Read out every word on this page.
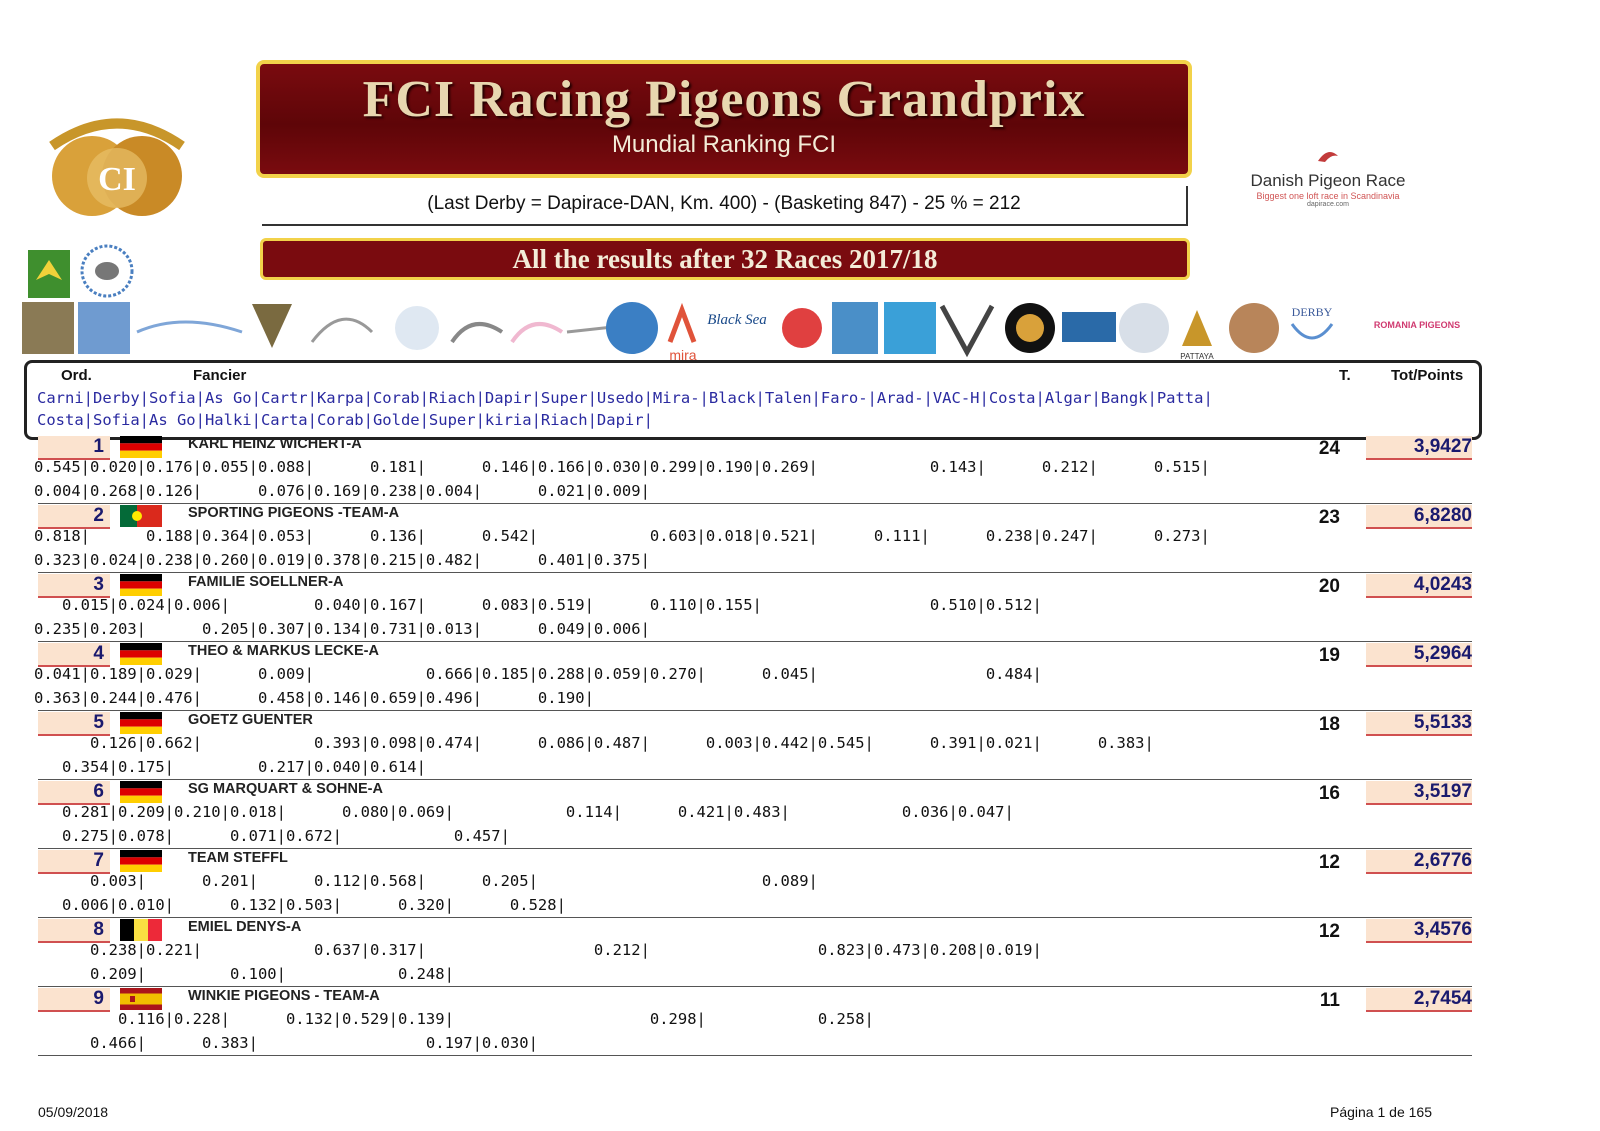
CI
FCI Racing Pigeons Grandprix
Mundial Ranking FCI
(Last Derby = Dapirace-DAN, Km. 400) - (Basketing 847) - 25 % = 212
All the results after 32 Races 2017/18
Danish Pigeon Race
Biggest one loft race in Scandinavia
dapirace.com
mira
Black Sea
PATTAYA
DERBY
ROMANIA PIGEONS
Ord.	Fancier	T.	Tot/Points
Carni|Derby|Sofia|As Go|Cartr|Karpa|Corab|Riach|Dapir|Super|Usedo|Mira-|Black|Talen|Faro-|Arad-|VAC-H|Costa|Algar|Bangk|Patta|
Costa|Sofia|As Go|Halki|Carta|Corab|Golde|Super|kiria|Riach|Dapir|
1	KARL HEINZ WICHERT-A	24	3,9427
0.545|0.020|0.176|0.055|0.088|      0.181|      0.146|0.166|0.030|0.299|0.190|0.269|            0.143|      0.212|      0.515|
0.004|0.268|0.126|      0.076|0.169|0.238|0.004|      0.021|0.009|
2	SPORTING PIGEONS -TEAM-A	23	6,8280
0.818|      0.188|0.364|0.053|      0.136|      0.542|            0.603|0.018|0.521|      0.111|      0.238|0.247|      0.273|
0.323|0.024|0.238|0.260|0.019|0.378|0.215|0.482|      0.401|0.375|
3	FAMILIE SOELLNER-A	20	4,0243
0.015|0.024|0.006|         0.040|0.167|      0.083|0.519|      0.110|0.155|                  0.510|0.512|
0.235|0.203|      0.205|0.307|0.134|0.731|0.013|      0.049|0.006|
4	THEO & MARKUS LECKE-A	19	5,2964
0.041|0.189|0.029|      0.009|            0.666|0.185|0.288|0.059|0.270|      0.045|                  0.484|
0.363|0.244|0.476|      0.458|0.146|0.659|0.496|      0.190|
5	GOETZ GUENTER	18	5,5133
0.126|0.662|            0.393|0.098|0.474|      0.086|0.487|      0.003|0.442|0.545|      0.391|0.021|      0.383|
0.354|0.175|         0.217|0.040|0.614|
6	SG MARQUART & SOHNE-A	16	3,5197
0.281|0.209|0.210|0.018|      0.080|0.069|            0.114|      0.421|0.483|            0.036|0.047|
0.275|0.078|      0.071|0.672|            0.457|
7	TEAM STEFFL	12	2,6776
0.003|      0.201|      0.112|0.568|      0.205|                        0.089|
0.006|0.010|      0.132|0.503|      0.320|      0.528|
8	EMIEL DENYS-A	12	3,4576
0.238|0.221|            0.637|0.317|                  0.212|                  0.823|0.473|0.208|0.019|
0.209|         0.100|            0.248|
9	WINKIE PIGEONS - TEAM-A	11	2,7454
0.116|0.228|      0.132|0.529|0.139|                     0.298|            0.258|
0.466|      0.383|                  0.197|0.030|
05/09/2018	Página 1 de 165
